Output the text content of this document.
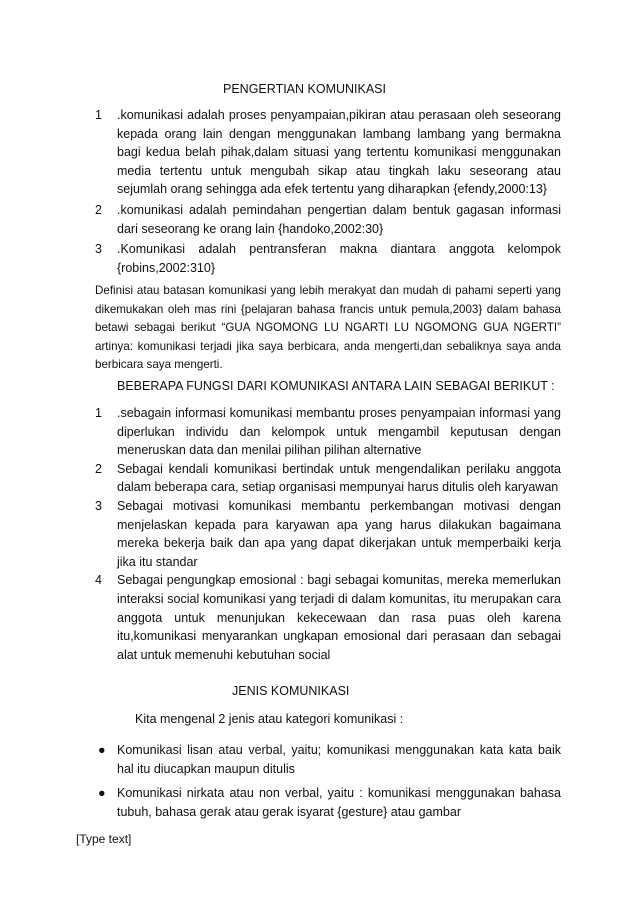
PENGERTIAN KOMUNIKASI
1 .komunikasi adalah proses penyampaian,pikiran atau perasaan oleh seseorang kepada orang lain dengan menggunakan lambang lambang yang bermakna bagi kedua belah pihak,dalam situasi yang tertentu komunikasi menggunakan media tertentu untuk mengubah sikap atau tingkah laku seseorang atau sejumlah orang sehingga ada efek tertentu yang diharapkan {efendy,2000:13}
2 .komunikasi adalah pemindahan pengertian dalam bentuk gagasan informasi dari seseorang ke orang lain {handoko,2002:30}
3 .Komunikasi adalah pentransferan makna diantara anggota kelompok {robins,2002:310}
Definisi atau batasan komunikasi yang lebih merakyat dan mudah di pahami seperti yang dikemukakan oleh mas rini {pelajaran bahasa francis untuk pemula,2003} dalam bahasa betawi sebagai berikut “GUA NGOMONG LU NGARTI LU NGOMONG GUA NGERTI” artinya: komunikasi terjadi jika saya berbicara, anda mengerti,dan sebaliknya saya anda berbicara saya mengerti.
BEBERAPA FUNGSI DARI KOMUNIKASI ANTARA LAIN SEBAGAI BERIKUT :
1 .sebagain informasi komunikasi membantu proses penyampaian informasi yang diperlukan individu dan kelompok untuk mengambil keputusan dengan meneruskan data dan menilai pilihan pilihan alternative
2 Sebagai kendali komunikasi bertindak untuk mengendalikan perilaku anggota dalam beberapa cara, setiap organisasi mempunyai harus ditulis oleh karyawan
3 Sebagai motivasi komunikasi membantu perkembangan motivasi dengan menjelaskan kepada para karyawan apa yang harus dilakukan bagaimana mereka bekerja baik dan apa yang dapat dikerjakan untuk memperbaiki kerja jika itu standar
4 Sebagai pengungkap emosional : bagi sebagai komunitas, mereka memerlukan interaksi social komunikasi yang terjadi di dalam komunitas, itu merupakan cara anggota untuk menunjukan kekecewaan dan rasa puas oleh karena itu,komunikasi menyarankan ungkapan emosional dari perasaan dan sebagai alat untuk memenuhi kebutuhan social
JENIS KOMUNIKASI
Kita mengenal 2 jenis atau kategori komunikasi :
● Komunikasi lisan atau verbal, yaitu; komunikasi menggunakan kata kata baik hal itu diucapkan maupun ditulis
● Komunikasi nirkata atau non verbal, yaitu : komunikasi menggunakan bahasa tubuh, bahasa gerak atau gerak isyarat {gesture} atau gambar
[Type text]
